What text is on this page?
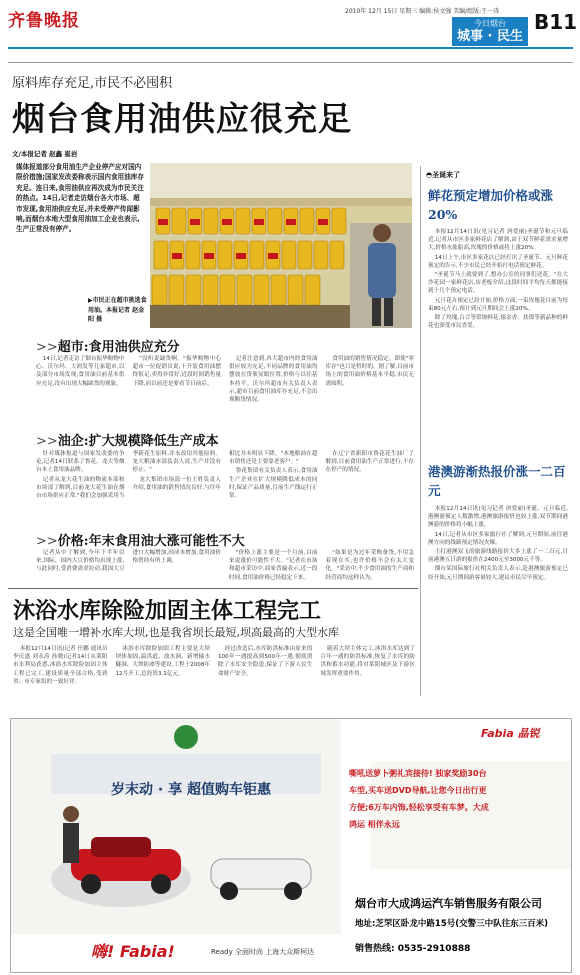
齐鲁晚报	2010年 12月 15日 星期三 编辑:侯文强 美编/组版:王一涛 B11
今日烟台
城事 · 民生
原料库存充足,市民不必囤积
烟台食用油供应很充足
文/本报记者 赵鑫 崔岩
媒体报道部分食用油生产企业停产应对国内限价措施;国家发改委称表示国内食用油库存充足。连日来,食用油供应再次成为市民关注的热点。14日,记者走访烟台各大市场、超市发现,食用油供应充足,并未受停产传闻影响,而烟台本地大型食用油加工企业也表示,生产正常没有停产。
▶市民正在超市挑选食用油。本报记者 赵金阳 摄
>>超市:食用油供应充分

14日,记者走访了烟台振华购物中心、沃尔玛、大润发等几家超市,以及部分市场发现,食用油目前基本供应充足,没有出现大幅缺货的现象。

"没听说缺货啊。"振华购物中心超市一位促销员说,十升装食用油摆得很足,卖得非常好,近段时间销售量下降,而以前还是要看节日前后。

记者注意到,各大超市内的食用油供应较为充足,不同品牌的食用油均摆放在货架显眼位置,价格与以往基本持平。沃尔玛超市有关负责人表示,超市目前食用油库存充足,不会出现断货情况。

食用油的销售情况稳定。即使"零库存"也只是暂时的。据了解,目前市场上的食用油价格基本平稳,市民无需囤积。

>>油企:扩大规模降低生产成本

针对媒体报道与国家发改委的争论,记者14日联系了鲁花、龙大等烟台本土食用油品牌。

记者从龙大花生油的物流本部和市场部了解到,目前龙大花生油在烟台市场供应正常,"我们会加强采用当季新花生原料,并未改用其他原料。龙大粮油本部负责人说,生产并没有停止。"

龙大集团市场部一位王姓负责人介绍,食用油的销售情况良好,与往年相比并未明显下降。"本地粮油在超市销售还是主要靠老客户。"

鲁花集团有关负责人表示,食用油生产企业在扩大规模降低成本的同时,保证产品质量,目前生产线运行正常。

在辽宁省新阳市鲁花花生油厂了解到,目前食用油生产正常进行,不存在停产的情况。

>>价格:年末食用油大涨可能性不大

记者从中了解到,今年下半年以来,国际、国内大豆价格均出现上涨,与此同时,受消费需求拉动,我国大豆进口大幅增加,因成本增加,食用油价格曾经有所上调。

"价格上涨主要是一个月前,目前来说涨价可能性不大。"记者在市场和超市采访中,商家普遍表示,近一段时间,食用油价格已经稳定下来。

"如果是为过年采购备货,不用急着现在买,也许价格不会有太大变化。"采访中,不少食用油的生产商和经营商均这样认为。

◓圣诞来了
鲜花预定增加价格或涨20%

本报12月14日讯(见习记者 唐爱丽)圣诞节和元旦临近,记者从市区多家鲜花店了解到,由于双节鲜花需求量增大,价格水涨船高,玫瑰的价格或将上涨20%。

14日上午,市区多家花店已经打出了圣诞节、元旦鲜花预定的告示,不少市民已经开始打电话预定鲜花。

"圣诞节马上就要到了,想办公室的同事们送花。"在大沙花园一家鲜花店,店老板介绍,这段时间平均每天都能接到十几个预定电话。

元旦花卉预定已经开始,价格方面,一束玫瑰花目前为每束80元左右,预计到元旦期间会上涨20%。

除了玫瑰,百合等常规鲜花,郁金香、扶郎等新品种的鲜花也深受市民喜爱。

港澳游渐热报价涨一二百元

本报12月14日讯(见习记者 唐爱丽)圣诞、元旦临近,港澳游预定人数激增,港澳旅游报价也较上涨,双节期间港澳游的价格将小幅上涨。

14日,记者从市区多家旅行社了解到,元旦期间,前往港澳方向的线路预定情况火爆。

主打港澳双飞的旅游线路报价大多上涨了一二百元,目前港澳五日游的报价在2400元至3000元不等。

烟台某国际旅行社相关负责人表示,赴港澳旅游预定已经开始,元旦期间游客量较大,建议市民尽早预定。

沐浴水库除险加固主体工程完工
这是全国唯一增补水库大坝,也是我省坝长最短,坝高最高的大型水库

本报12月14日讯(记者 任鹏 通讯员 李庆盛 刘永涛 孙晓)记者14日从莱阳市水利局获悉,沐浴水库除险加固主体工程已完工,建设质量全部合格,受到省、市专家组的一致好评。

沐浴水库除险加固工程主要是大坝坝体加固,溢洪道、放水洞、新增输水隧洞、大坝防渗等建设,工程于2008年12月开工,总投资3.1亿元。

经过改造后,水库防洪标准由原来的100年一遇提高到500年一遇,彻底消除了水库安全隐患,保证了下游人民生命财产安全。

随着大坝主体完工,沐浴水库达到了百年一遇的防洪标准,恢复了水库的防洪和蓄水功能,将对莱阳城区及下游区域发挥重要作用。

岁末动 · 享 超值购车钜惠
Fabia 晶锐
嘶吼送萝卜粥礼宾接待! 独家奖励30台车型,买车送DVD导航,让您今日出行更方便;6万车内饰,轻松享受有车梦。大成鸿运 相伴永远
烟台市大成鸿运汽车销售服务有限公司
地址:芝罘区卧龙中路15号(交警三中队往东三百米)
销售热线: 0535-2910888
嗨! Fabia!	Ready 全面时尚 上海大众斯柯达
